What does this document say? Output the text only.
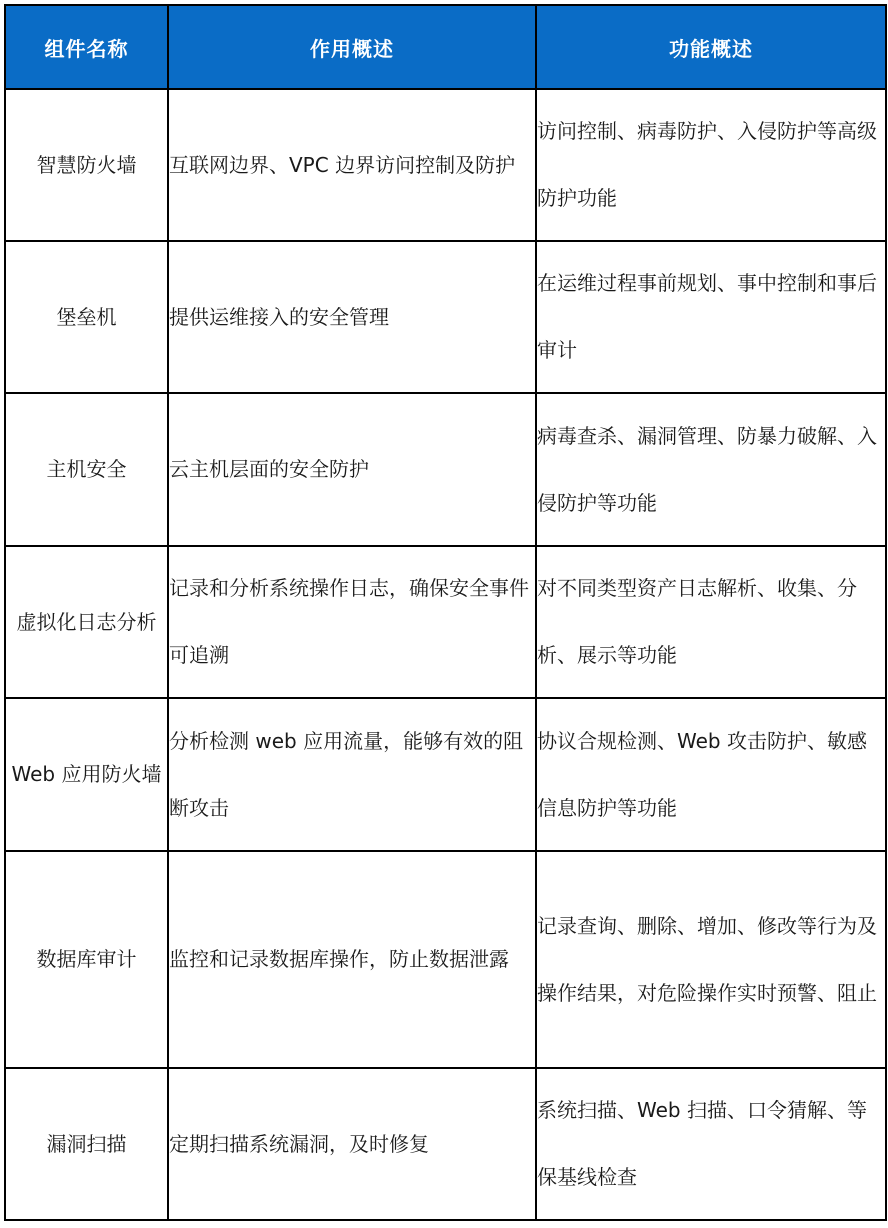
组件名称	作用概述	功能概述
智慧防火墙	互联网边界、VPC 边界访问控制及防护	访问控制、病毒防护、入侵防护等高级防护功能
堡垒机	提供运维接入的安全管理	在运维过程事前规划、事中控制和事后审计
主机安全	云主机层面的安全防护	病毒查杀、漏洞管理、防暴力破解、入侵防护等功能
虚拟化日志分析	记录和分析系统操作日志，确保安全事件可追溯	对不同类型资产日志解析、收集、分析、展示等功能
Web 应用防火墙	分析检测 web 应用流量，能够有效的阻断攻击	协议合规检测、Web 攻击防护、敏感信息防护等功能
数据库审计	监控和记录数据库操作，防止数据泄露	记录查询、删除、增加、修改等行为及操作结果，对危险操作实时预警、阻止
漏洞扫描	定期扫描系统漏洞，及时修复	系统扫描、Web 扫描、口令猜解、等保基线检查
